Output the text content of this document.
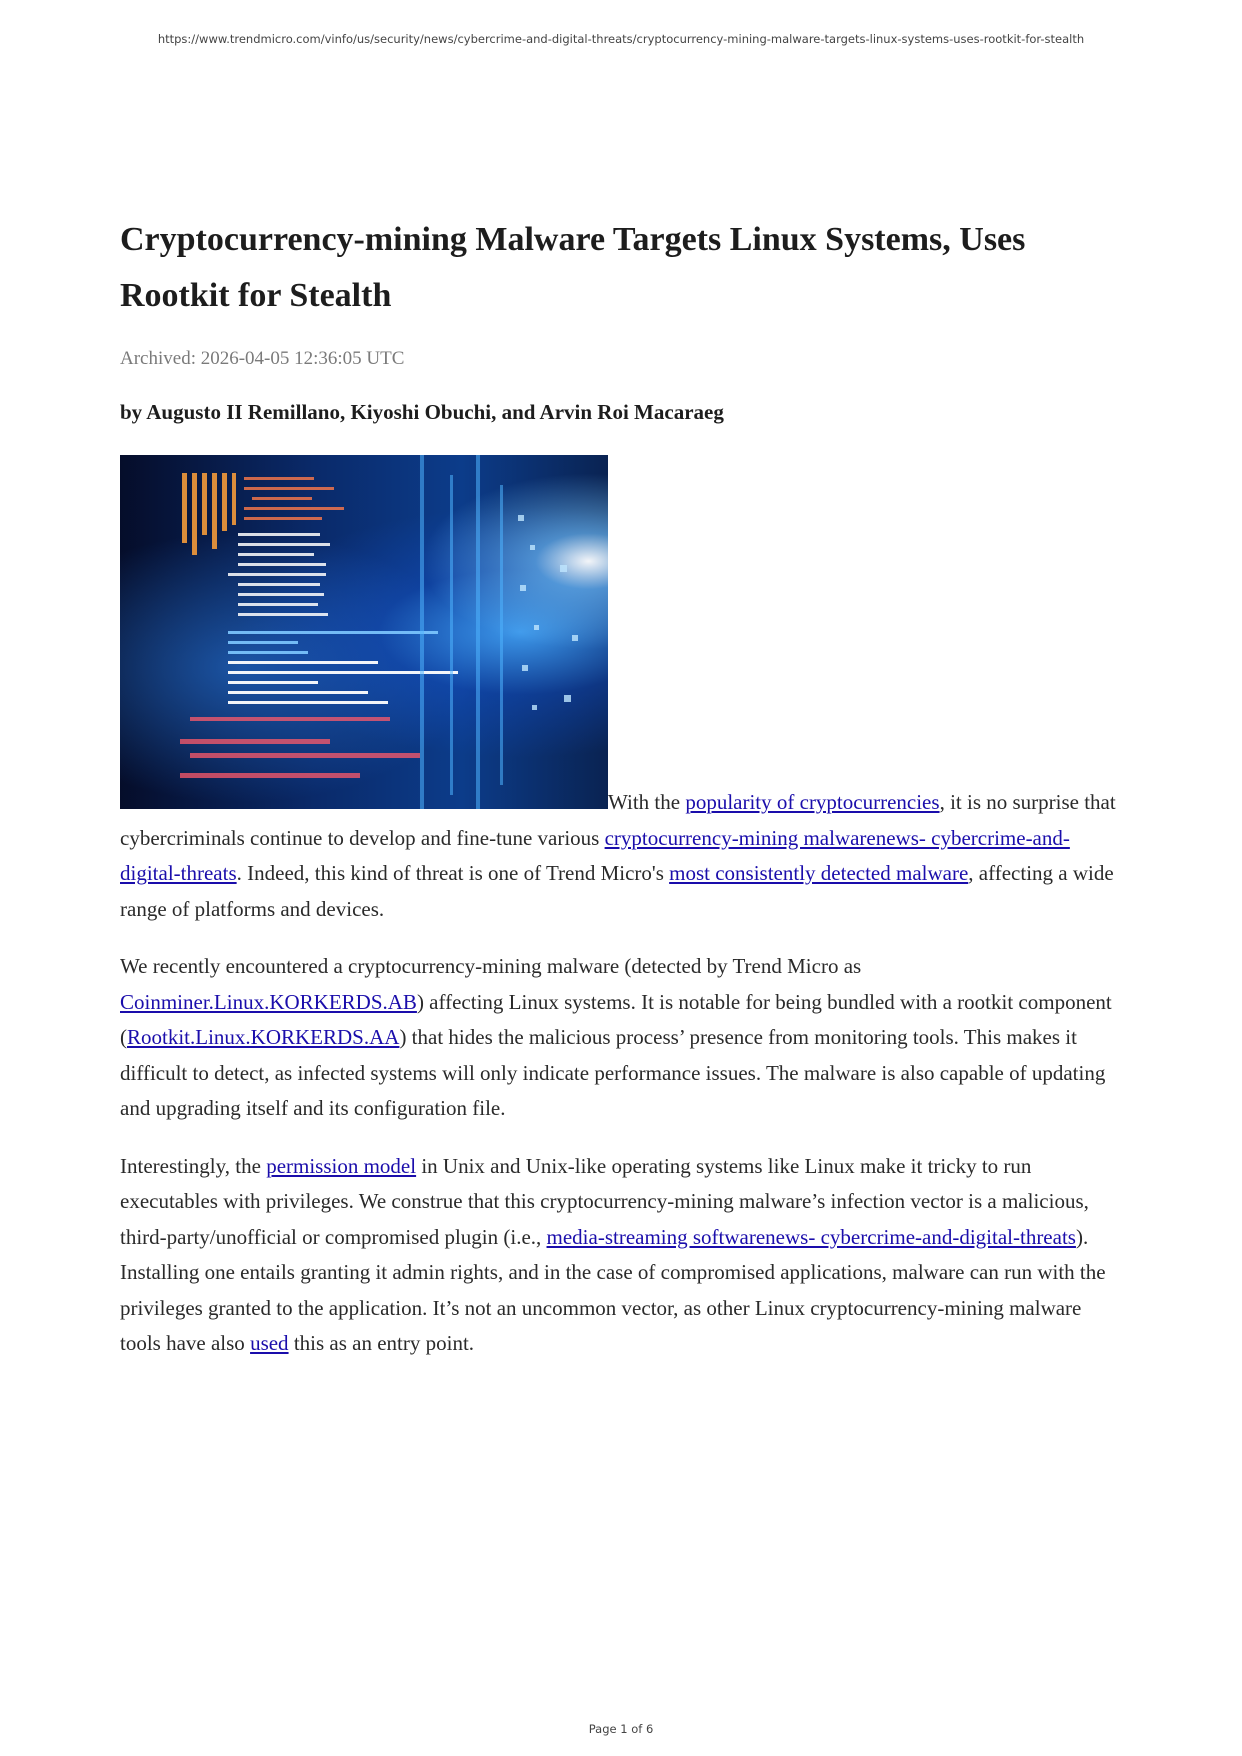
https://www.trendmicro.com/vinfo/us/security/news/cybercrime-and-digital-threats/cryptocurrency-mining-malware-targets-linux-systems-uses-rootkit-for-stealth
Cryptocurrency-mining Malware Targets Linux Systems, Uses Rootkit for Stealth
Archived: 2026-04-05 12:36:05 UTC
by Augusto II Remillano, Kiyoshi Obuchi, and Arvin Roi Macaraeg

With the popularity of cryptocurrencies, it is no surprise that cybercriminals continue to develop and fine-tune various cryptocurrency-mining malwarenews- cybercrime-and-digital-threats. Indeed, this kind of threat is one of Trend Micro's most consistently detected malware, affecting a wide range of platforms and devices.

We recently encountered a cryptocurrency-mining malware (detected by Trend Micro as Coinminer.Linux.KORKERDS.AB) affecting Linux systems. It is notable for being bundled with a rootkit component (Rootkit.Linux.KORKERDS.AA) that hides the malicious process’ presence from monitoring tools. This makes it difficult to detect, as infected systems will only indicate performance issues. The malware is also capable of updating and upgrading itself and its configuration file.

Interestingly, the permission model in Unix and Unix-like operating systems like Linux make it tricky to run executables with privileges. We construe that this cryptocurrency-mining malware’s infection vector is a malicious, third-party/unofficial or compromised plugin (i.e., media-streaming softwarenews- cybercrime-and-digital-threats). Installing one entails granting it admin rights, and in the case of compromised applications, malware can run with the privileges granted to the application. It’s not an uncommon vector, as other Linux cryptocurrency-mining malware tools have also used this as an entry point.

Page 1 of 6
